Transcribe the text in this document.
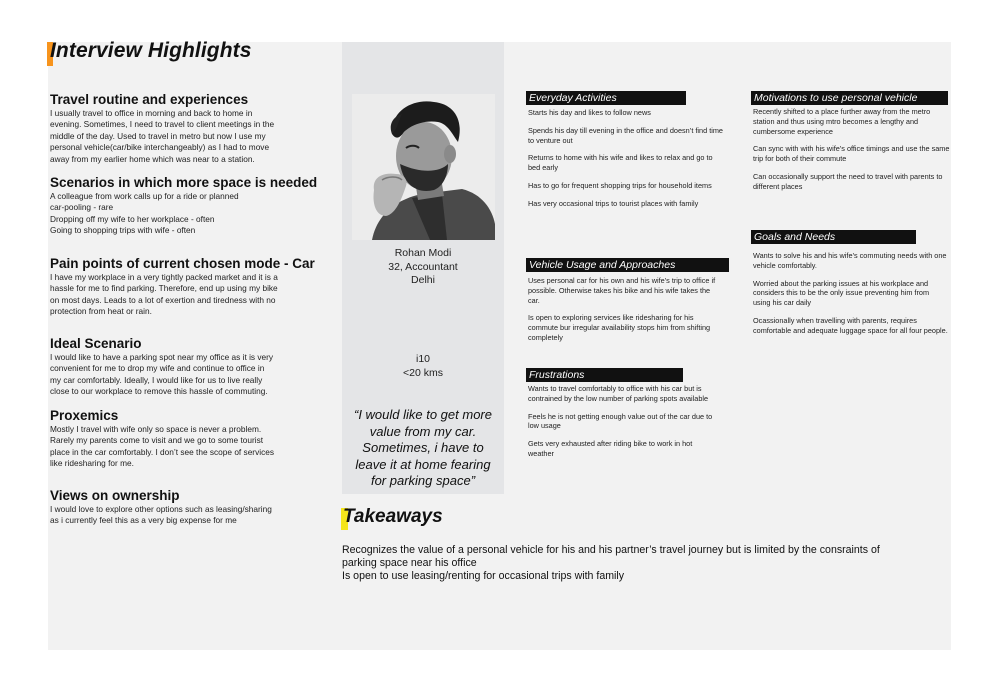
Interview Highlights
Travel routine and experiences

I usually travel to office in morning and back to home in
evening. Sometimes, I need to travel to client meetings in the
middle of the day. Used to travel in metro but now I use my
personal vehicle(car/bike interchangeably) as I had to move
away from my earlier home which was near to a station.

Scenarios in which more space is needed

A colleague from work calls up for a ride or planned
car-pooling - rare
Dropping off my wife to her workplace - often
Going to shopping trips with wife - often

Pain points of current chosen mode - Car

I have my workplace in a very tightly packed market and it is a
hassle for me to find parking. Therefore, end up using my bike
on most days. Leads to a lot of exertion and tiredness with no
protection from heat or rain.

Ideal Scenario

I would like to have a parking spot near my office as it is very
convenient for me to drop my wife and continue to office in
my car comfortably. Ideally, I would like for us to live really
close to our workplace to remove this hassle of commuting.

Proxemics

Mostly I travel with wife only so space is never a problem.
Rarely my parents come to visit and we go to some tourist
place in the car comfortably. I don’t see the scope of services
like ridesharing for me.

Views on ownership

I would love to explore other options such as leasing/sharing
as i currently feel this as a very big expense for me

Rohan Modi
32, Accountant
Delhi
i10
<20 kms
“I would like to get more value from my car. Sometimes, i have to leave it at home fearing for parking space”
Everyday Activities
Starts his day and likes to follow news
Spends his day till evening in the office and doesn’t find time to venture out
Returns to home with his wife and likes to relax and go to bed early
Has to go for frequent shopping trips for household items
Has very occasional trips to tourist places with family
Vehicle Usage and Approaches
Uses personal car for his own and his wife’s trip to office if possible. Otherwise takes his bike and his wife takes the car.
Is open to exploring services like ridesharing for his commute bur irregular availability stops him from shifting completely
Frustrations
Wants to travel comfortably to office with his car but is contrained by the low number of parking spots available
Feels he is not getting enough value out of the car due to low usage
Gets very exhausted after riding bike to work in hot weather
Motivations to use personal vehicle
Recently shifted to a place further away from the metro station and thus using mtro becomes a lengthy and cumbersome experience
Can sync with with his wife’s office timings and use the same trip for both of their commute
Can occasionally support the need to travel with parents to different places
Goals and Needs
Wants to solve his and his wife’s commuting needs with one vehicle comfortably.
Worried about the parking issues at his workplace and considers this to be the only issue preventing him from using his car daily
Ocassionally when travelling with parents, requires comfortable and adequate luggage space for all four people.
Takeaways
Recognizes the value of a personal vehicle for his and his partner’s travel journey but is limited by the consraints of
parking space near his office
Is open to use leasing/renting for occasional trips with family
